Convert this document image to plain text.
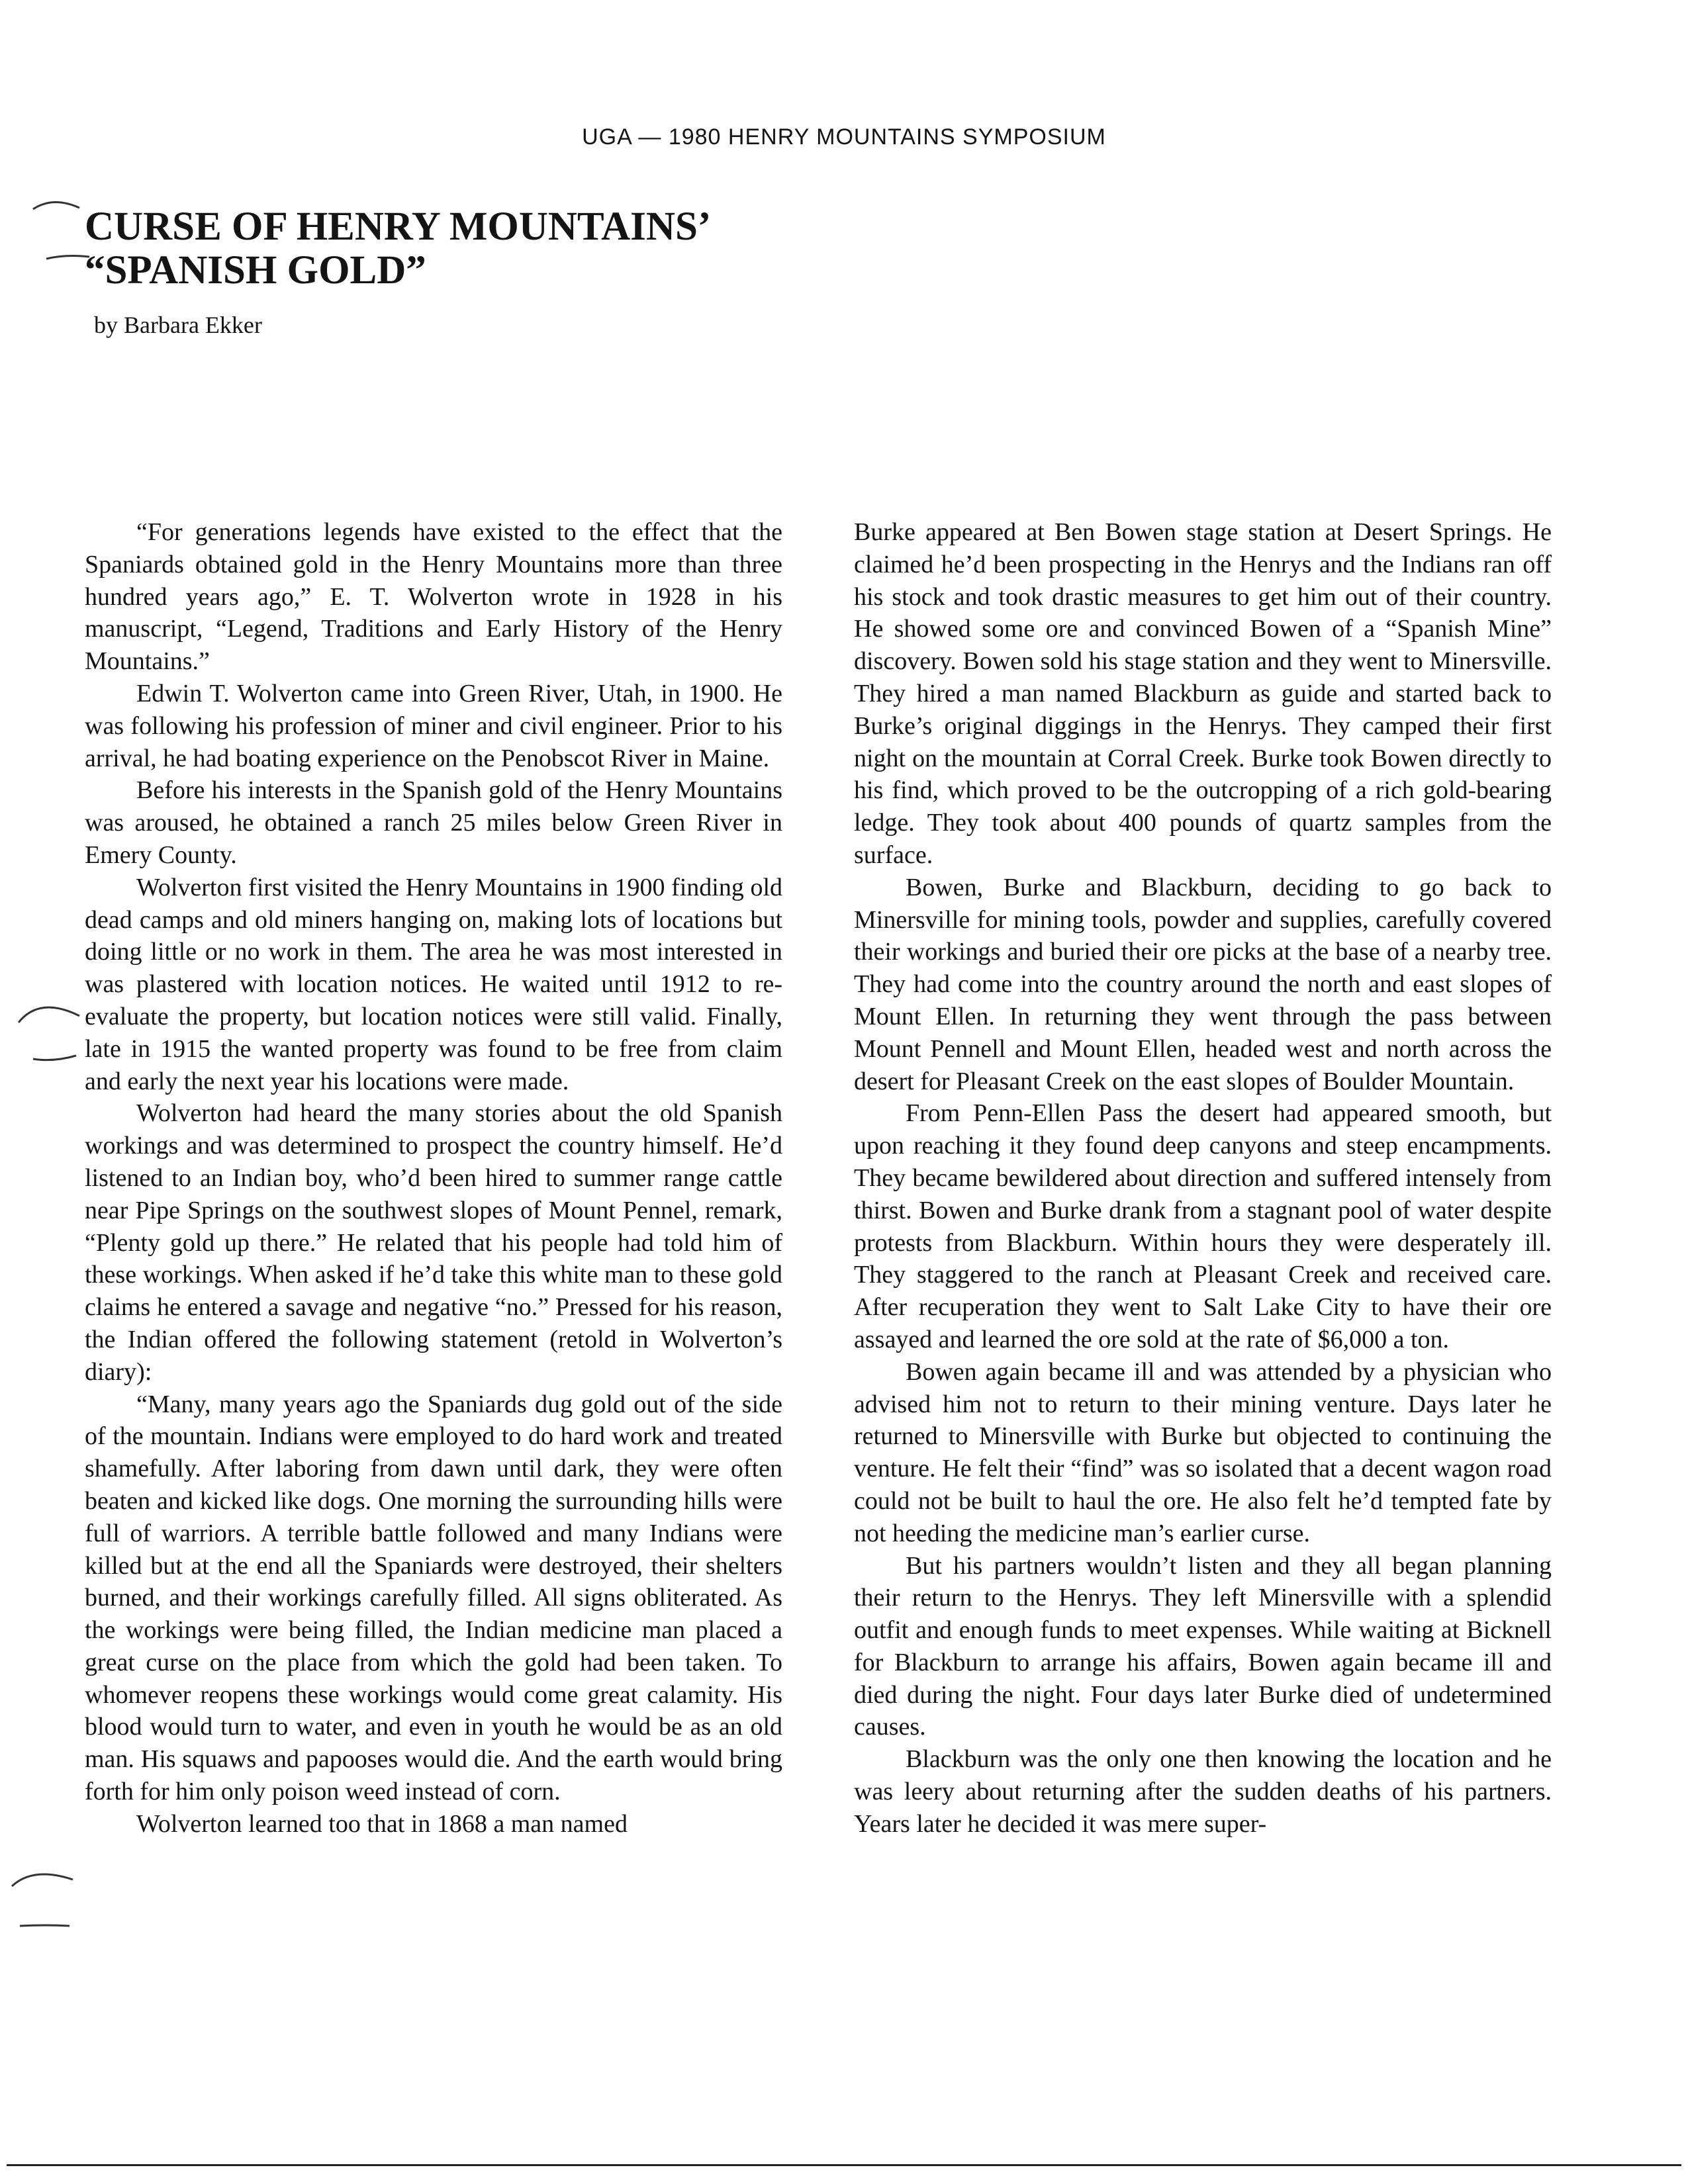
UGA — 1980 HENRY MOUNTAINS SYMPOSIUM
CURSE OF HENRY MOUNTAINS’
“SPANISH GOLD”
by Barbara Ekker

“For generations legends have existed to the effect that the Spaniards obtained gold in the Henry Mountains more than three hundred years ago,” E. T. Wolverton wrote in 1928 in his manuscript, “Legend, Traditions and Early History of the Henry Mountains.”

Edwin T. Wolverton came into Green River, Utah, in 1900. He was following his profession of miner and civil engineer. Prior to his arrival, he had boating experience on the Penobscot River in Maine.

Before his interests in the Spanish gold of the Henry Mountains was aroused, he obtained a ranch 25 miles below Green River in Emery County.

Wolverton first visited the Henry Mountains in 1900 finding old dead camps and old miners hanging on, making lots of locations but doing little or no work in them. The area he was most interested in was plastered with location notices. He waited until 1912 to re-evaluate the property, but location notices were still valid. Finally, late in 1915 the wanted property was found to be free from claim and early the next year his locations were made.

Wolverton had heard the many stories about the old Spanish workings and was determined to prospect the country himself. He’d listened to an Indian boy, who’d been hired to summer range cattle near Pipe Springs on the southwest slopes of Mount Pennel, remark, “Plenty gold up there.” He related that his people had told him of these workings. When asked if he’d take this white man to these gold claims he entered a savage and negative “no.” Pressed for his reason, the Indian offered the following statement (retold in Wolverton’s diary):

“Many, many years ago the Spaniards dug gold out of the side of the mountain. Indians were employed to do hard work and treated shamefully. After laboring from dawn until dark, they were often beaten and kicked like dogs. One morning the surrounding hills were full of warriors. A terrible battle followed and many Indians were killed but at the end all the Spaniards were destroyed, their shelters burned, and their workings carefully filled. All signs obliterated. As the workings were being filled, the Indian medicine man placed a great curse on the place from which the gold had been taken. To whomever reopens these workings would come great calamity. His blood would turn to water, and even in youth he would be as an old man. His squaws and papooses would die. And the earth would bring forth for him only poison weed instead of corn.

Wolverton learned too that in 1868 a man named

Burke appeared at Ben Bowen stage station at Desert Springs. He claimed he’d been prospecting in the Henrys and the Indians ran off his stock and took drastic measures to get him out of their country. He showed some ore and convinced Bowen of a “Spanish Mine” discovery. Bowen sold his stage station and they went to Minersville. They hired a man named Blackburn as guide and started back to Burke’s original diggings in the Henrys. They camped their first night on the mountain at Corral Creek. Burke took Bowen directly to his find, which proved to be the outcropping of a rich gold-bearing ledge. They took about 400 pounds of quartz samples from the surface.

Bowen, Burke and Blackburn, deciding to go back to Minersville for mining tools, powder and supplies, carefully covered their workings and buried their ore picks at the base of a nearby tree. They had come into the country around the north and east slopes of Mount Ellen. In returning they went through the pass between Mount Pennell and Mount Ellen, headed west and north across the desert for Pleasant Creek on the east slopes of Boulder Mountain.

From Penn-Ellen Pass the desert had appeared smooth, but upon reaching it they found deep canyons and steep encampments. They became bewildered about direction and suffered intensely from thirst. Bowen and Burke drank from a stagnant pool of water despite protests from Blackburn. Within hours they were desperately ill. They staggered to the ranch at Pleasant Creek and received care. After recuperation they went to Salt Lake City to have their ore assayed and learned the ore sold at the rate of $6,000 a ton.

Bowen again became ill and was attended by a physician who advised him not to return to their mining venture. Days later he returned to Minersville with Burke but objected to continuing the venture. He felt their “find” was so isolated that a decent wagon road could not be built to haul the ore. He also felt he’d tempted fate by not heeding the medicine man’s earlier curse.

But his partners wouldn’t listen and they all began planning their return to the Henrys. They left Minersville with a splendid outfit and enough funds to meet expenses. While waiting at Bicknell for Blackburn to arrange his affairs, Bowen again became ill and died during the night. Four days later Burke died of undetermined causes.

Blackburn was the only one then knowing the location and he was leery about returning after the sudden deaths of his partners. Years later he decided it was mere super-
